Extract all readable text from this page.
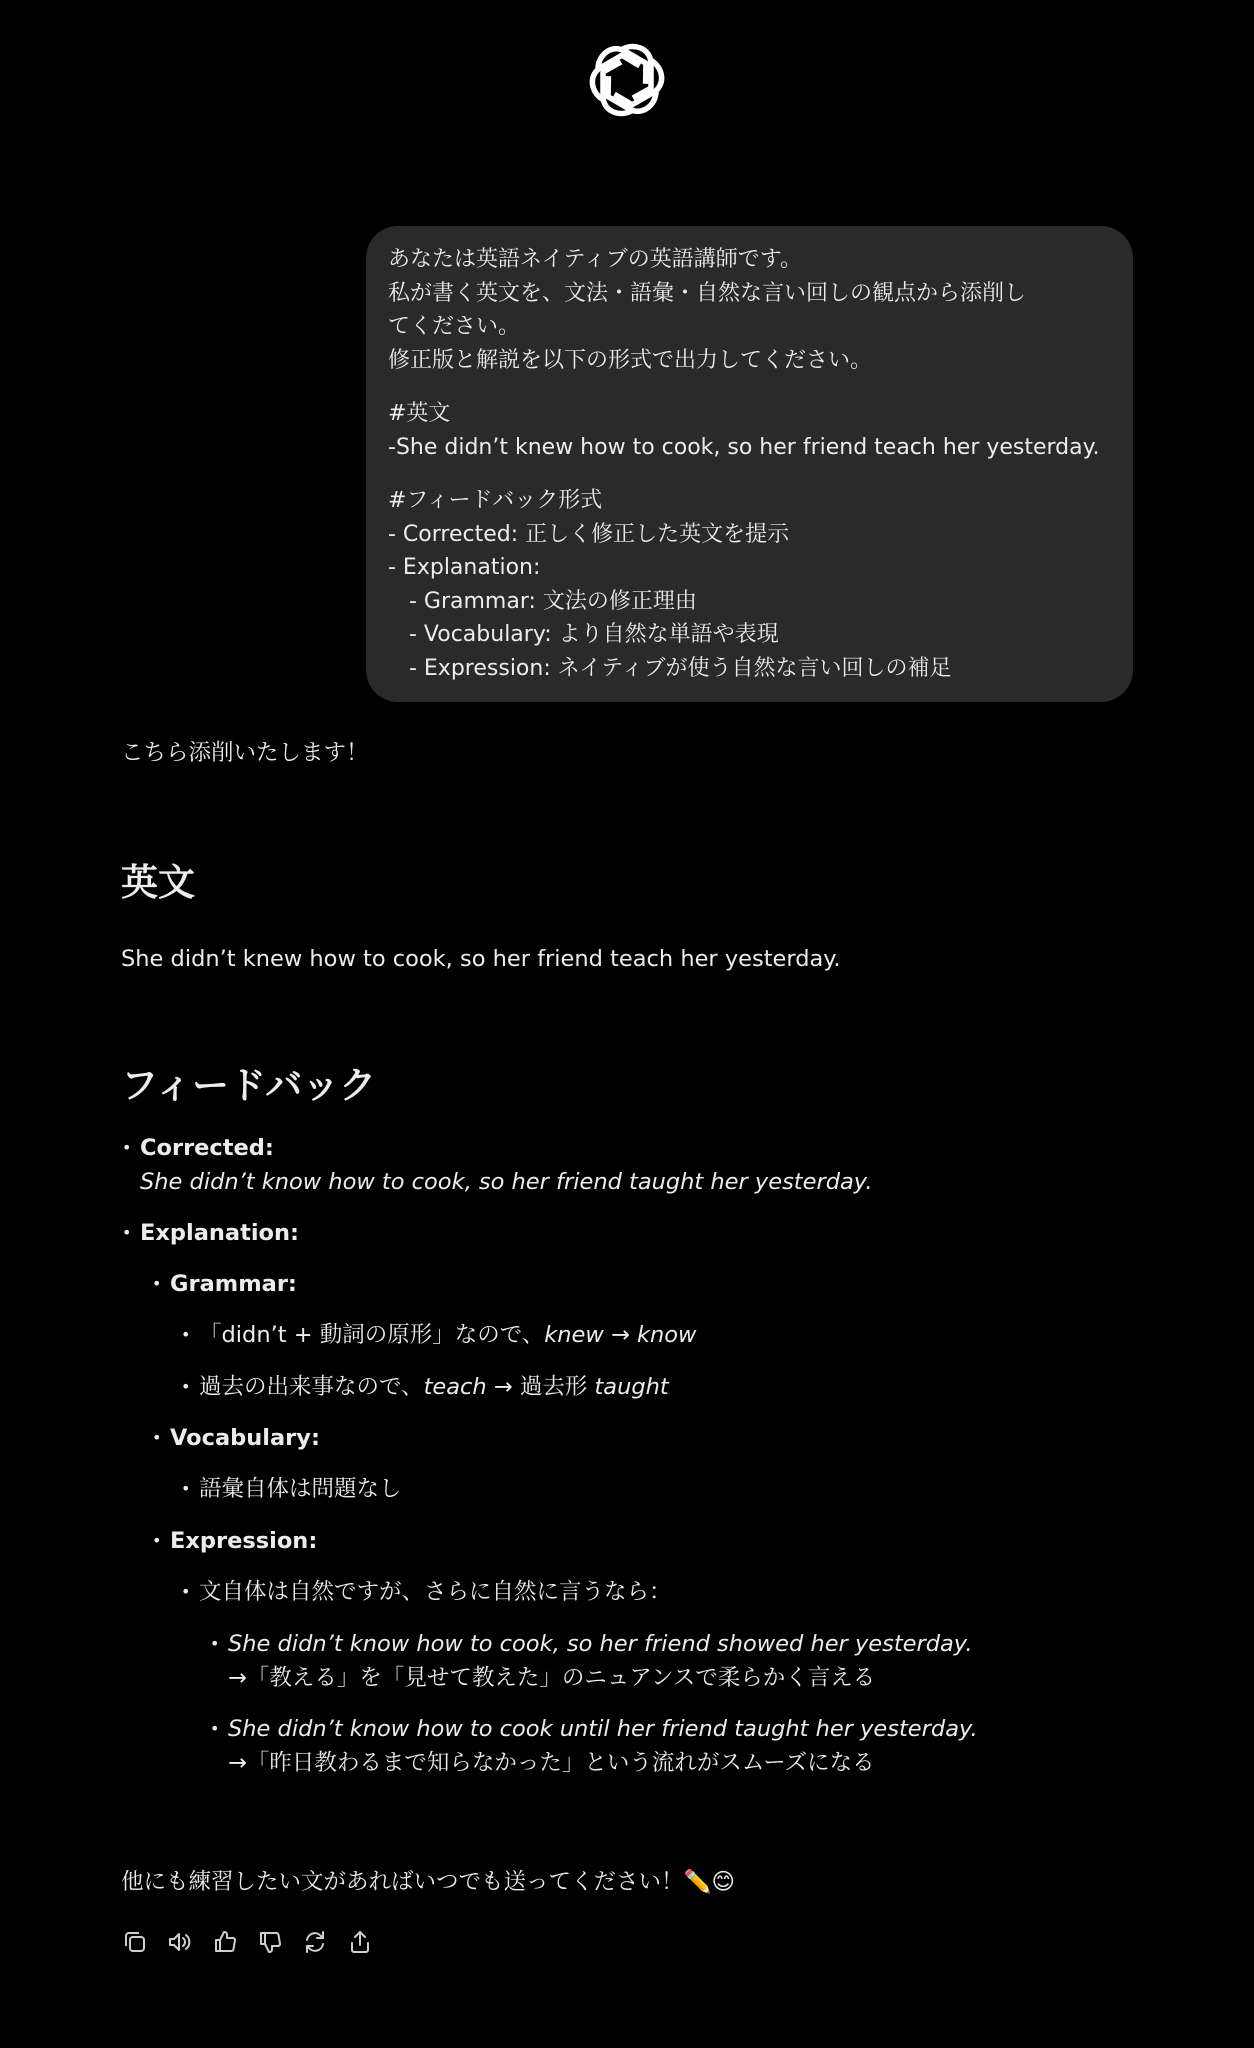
あなたは英語ネイティブの英語講師です。
私が書く英文を、文法・語彙・自然な言い回しの観点から添削し
てください。
修正版と解説を以下の形式で出力してください。
#英文
-She didn’t knew how to cook, so her friend teach her yesterday.
#フィードバック形式
- Corrected: 正しく修正した英文を提示
- Explanation:
- Grammar: 文法の修正理由
- Vocabulary: より自然な単語や表現
- Expression: ネイティブが使う自然な言い回しの補足
こちら添削いたします！
英文
She didn’t knew how to cook, so her friend teach her yesterday.
フィードバック
• Corrected:
She didn’t know how to cook, so her friend taught her yesterday.
• Explanation:
• Grammar:
• 「didn’t + 動詞の原形」なので、knew → know
• 過去の出来事なので、teach → 過去形 taught
• Vocabulary:
• 語彙自体は問題なし
• Expression:
• 文自体は自然ですが、さらに自然に言うなら：
• She didn’t know how to cook, so her friend showed her yesterday.
→「教える」を「見せて教えた」のニュアンスで柔らかく言える
• She didn’t know how to cook until her friend taught her yesterday.
→「昨日教わるまで知らなかった」という流れがスムーズになる
他にも練習したい文があればいつでも送ってください！✏️😊
